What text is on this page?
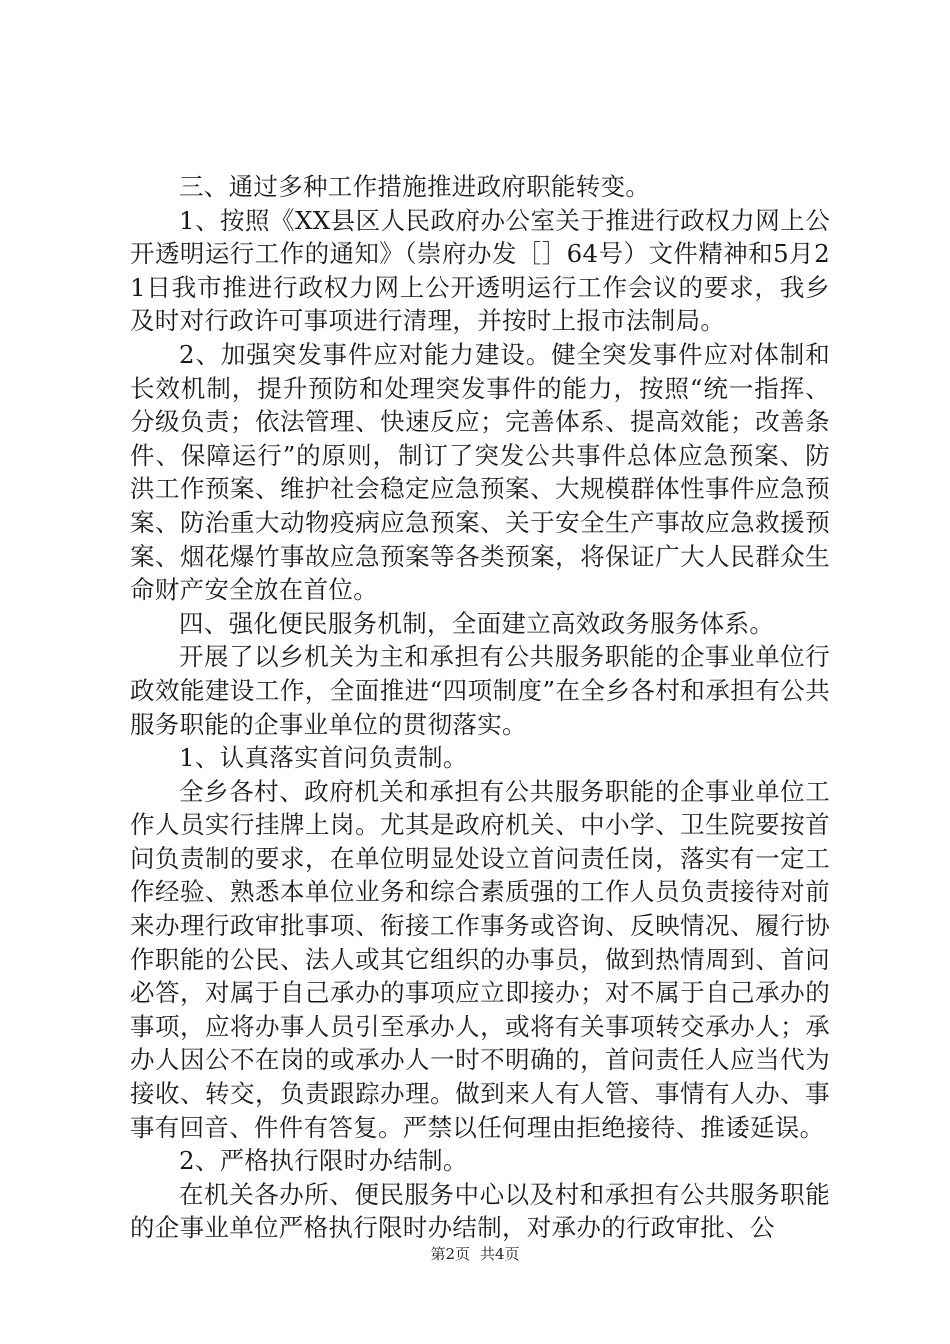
三、通过多种工作措施推进政府职能转变。

1、按照《XX县区人民政府办公室关于推进行政权力网上公开透明运行工作的通知》（崇府办发［］64号）文件精神和5月21日我市推进行政权力网上公开透明运行工作会议的要求，我乡及时对行政许可事项进行清理，并按时上报市法制局。

2、加强突发事件应对能力建设。健全突发事件应对体制和长效机制，提升预防和处理突发事件的能力，按照“统一指挥、分级负责；依法管理、快速反应；完善体系、提高效能；改善条件、保障运行”的原则，制订了突发公共事件总体应急预案、防洪工作预案、维护社会稳定应急预案、大规模群体性事件应急预案、防治重大动物疫病应急预案、关于安全生产事故应急救援预案、烟花爆竹事故应急预案等各类预案，将保证广大人民群众生命财产安全放在首位。

四、强化便民服务机制，全面建立高效政务服务体系。

开展了以乡机关为主和承担有公共服务职能的企事业单位行政效能建设工作，全面推进“四项制度”在全乡各村和承担有公共服务职能的企事业单位的贯彻落实。

1、认真落实首问负责制。

全乡各村、政府机关和承担有公共服务职能的企事业单位工作人员实行挂牌上岗。尤其是政府机关、中小学、卫生院要按首问负责制的要求，在单位明显处设立首问责任岗，落实有一定工作经验、熟悉本单位业务和综合素质强的工作人员负责接待对前来办理行政审批事项、衔接工作事务或咨询、反映情况、履行协作职能的公民、法人或其它组织的办事员，做到热情周到、首问必答，对属于自己承办的事项应立即接办；对不属于自己承办的事项，应将办事人员引至承办人，或将有关事项转交承办人；承办人因公不在岗的或承办人一时不明确的，首问责任人应当代为接收、转交，负责跟踪办理。做到来人有人管、事情有人办、事事有回音、件件有答复。严禁以任何理由拒绝接待、推诿延误。

2、严格执行限时办结制。

在机关各办所、便民服务中心以及村和承担有公共服务职能的企事业单位严格执行限时办结制，对承办的行政审批、公

第2页 共4页
